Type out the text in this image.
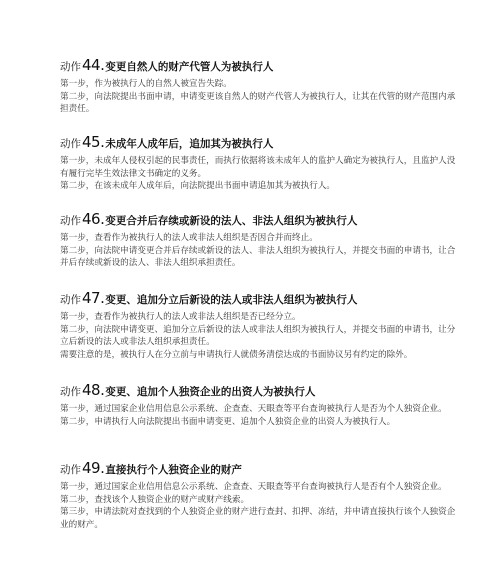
动作44.变更自然人的财产代管人为被执行人

第一步，作为被执行人的自然人被宣告失踪。

第二步，向法院提出书面申请，申请变更该自然人的财产代管人为被执行人，让其在代管的财产范围内承担责任。

动作45.未成年人成年后，追加其为被执行人

第一步，未成年人侵权引起的民事责任，而执行依据将该未成年人的监护人确定为被执行人，且监护人没有履行完毕生效法律文书确定的义务。

第二步，在该未成年人成年后，向法院提出书面申请追加其为被执行人。

动作46.变更合并后存续或新设的法人、非法人组织为被执行人

第一步，查看作为被执行人的法人或非法人组织是否因合并而终止。

第二步，向法院申请变更合并后存续或新设的法人、非法人组织为被执行人，并提交书面的申请书，让合并后存续或新设的法人、非法人组织承担责任。

动作47.变更、追加分立后新设的法人或非法人组织为被执行人

第一步，查看作为被执行人的法人或非法人组织是否已经分立。

第二步，向法院申请变更、追加分立后新设的法人或非法人组织为被执行人，并提交书面的申请书，让分立后新设的法人或非法人组织承担责任。

需要注意的是，被执行人在分立前与申请执行人就债务清偿达成的书面协议另有约定的除外。

动作48.变更、追加个人独资企业的出资人为被执行人

第一步，通过国家企业信用信息公示系统、企查查、天眼查等平台查询被执行人是否为个人独资企业。

第二步，申请执行人向法院提出书面申请变更、追加个人独资企业的出资人为被执行人。

动作49.直接执行个人独资企业的财产

第一步，通过国家企业信用信息公示系统、企查查、天眼查等平台查询被执行人是否有个人独资企业。

第二步，查找该个人独资企业的财产或财产线索。

第三步，申请法院对查找到的个人独资企业的财产进行查封、扣押、冻结，并申请直接执行该个人独资企业的财产。
